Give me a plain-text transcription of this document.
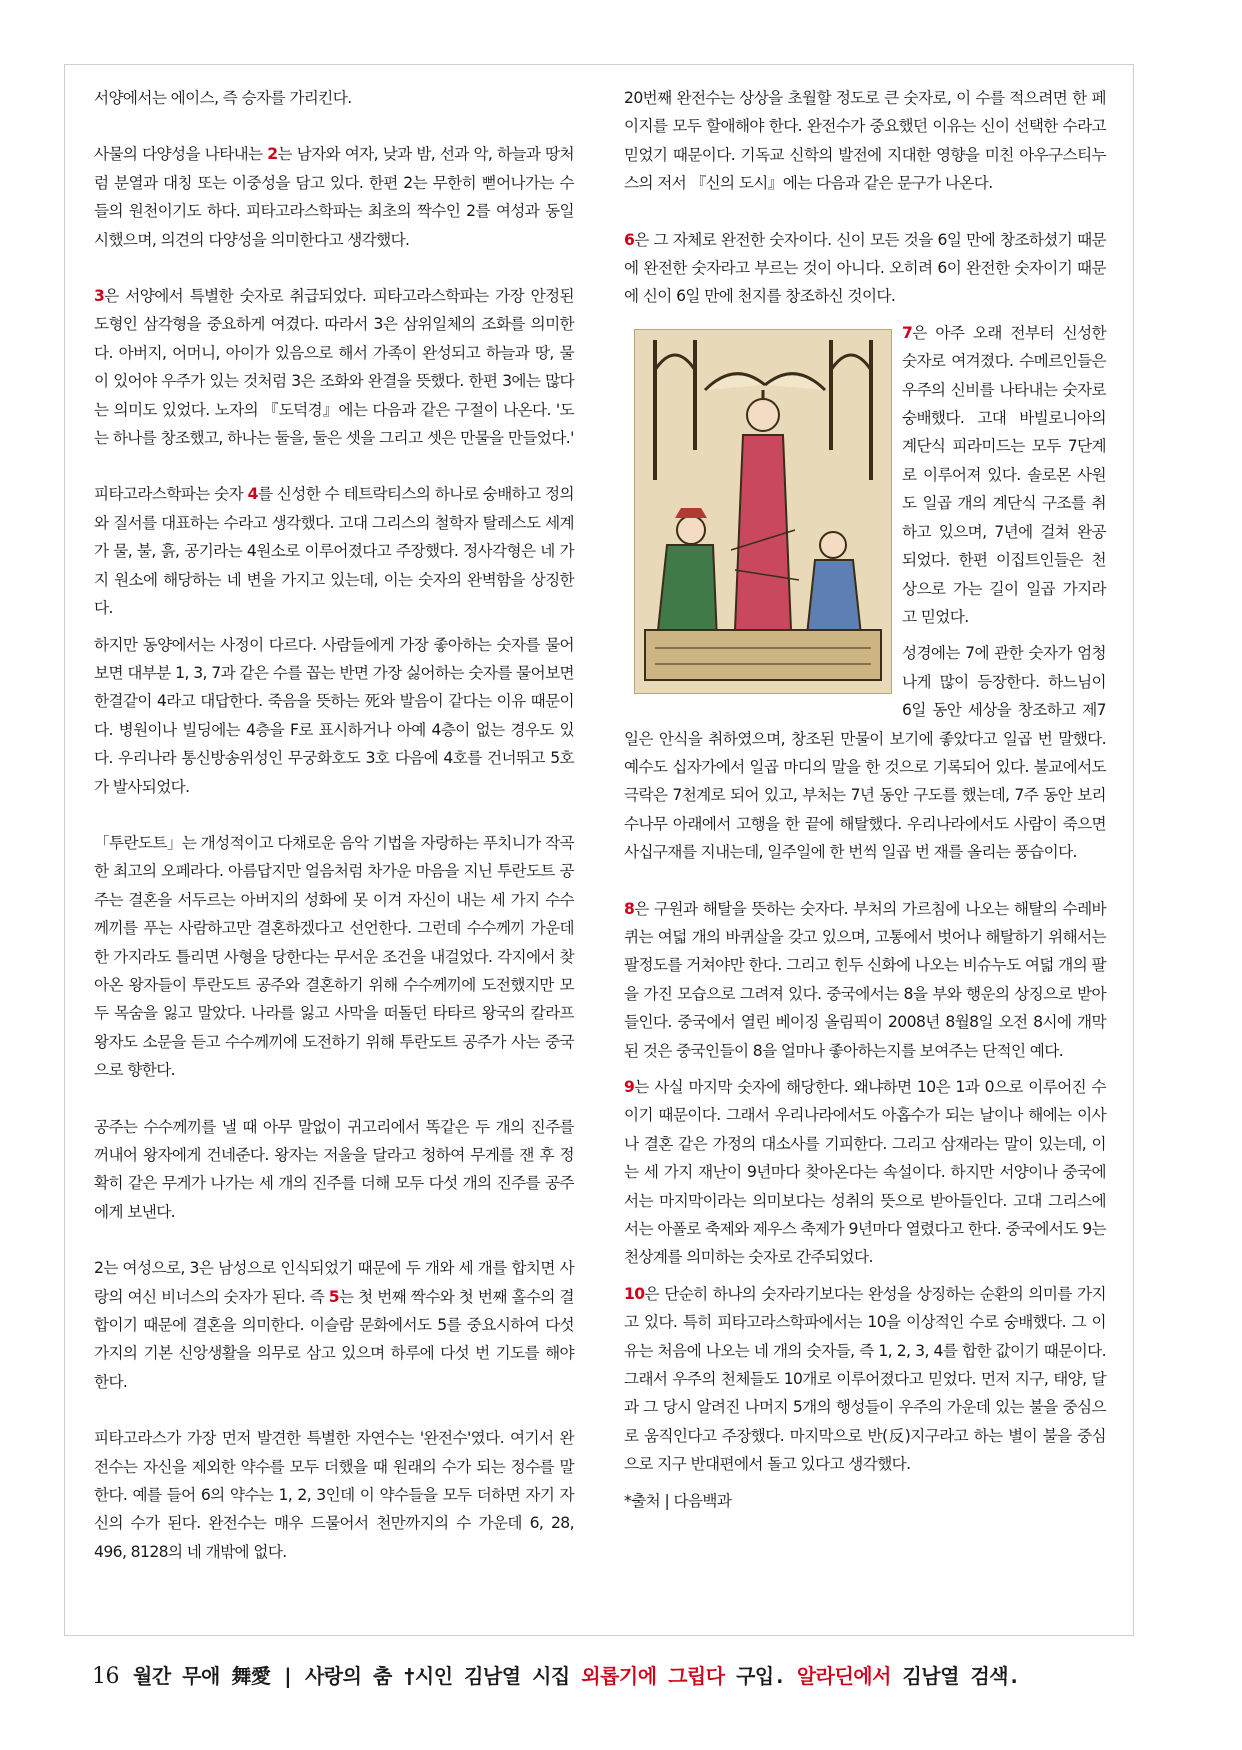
서양에서는 에이스, 즉 승자를 가리킨다.

사물의 다양성을 나타내는 2는 남자와 여자, 낮과 밤, 선과 악, 하늘과 땅처럼 분열과 대칭 또는 이중성을 담고 있다. 한편 2는 무한히 뻗어나가는 수들의 원천이기도 하다. 피타고라스학파는 최초의 짝수인 2를 여성과 동일시했으며, 의견의 다양성을 의미한다고 생각했다.

3은 서양에서 특별한 숫자로 취급되었다. 피타고라스학파는 가장 안정된 도형인 삼각형을 중요하게 여겼다. 따라서 3은 삼위일체의 조화를 의미한다. 아버지, 어머니, 아이가 있음으로 해서 가족이 완성되고 하늘과 땅, 물이 있어야 우주가 있는 것처럼 3은 조화와 완결을 뜻했다. 한편 3에는 많다는 의미도 있었다. 노자의 『도덕경』에는 다음과 같은 구절이 나온다. '도는 하나를 창조했고, 하나는 둘을, 둘은 셋을 그리고 셋은 만물을 만들었다.'

피타고라스학파는 숫자 4를 신성한 수 테트락티스의 하나로 숭배하고 정의와 질서를 대표하는 수라고 생각했다. 고대 그리스의 철학자 탈레스도 세계가 물, 불, 흙, 공기라는 4원소로 이루어졌다고 주장했다. 정사각형은 네 가지 원소에 해당하는 네 변을 가지고 있는데, 이는 숫자의 완벽함을 상징한다.

하지만 동양에서는 사정이 다르다. 사람들에게 가장 좋아하는 숫자를 물어보면 대부분 1, 3, 7과 같은 수를 꼽는 반면 가장 싫어하는 숫자를 물어보면 한결같이 4라고 대답한다. 죽음을 뜻하는 死와 발음이 같다는 이유 때문이다. 병원이나 빌딩에는 4층을 F로 표시하거나 아예 4층이 없는 경우도 있다. 우리나라 통신방송위성인 무궁화호도 3호 다음에 4호를 건너뛰고 5호가 발사되었다.

「투란도트」는 개성적이고 다채로운 음악 기법을 자랑하는 푸치니가 작곡한 최고의 오페라다. 아름답지만 얼음처럼 차가운 마음을 지닌 투란도트 공주는 결혼을 서두르는 아버지의 성화에 못 이겨 자신이 내는 세 가지 수수께끼를 푸는 사람하고만 결혼하겠다고 선언한다. 그런데 수수께끼 가운데 한 가지라도 틀리면 사형을 당한다는 무서운 조건을 내걸었다. 각지에서 찾아온 왕자들이 투란도트 공주와 결혼하기 위해 수수께끼에 도전했지만 모두 목숨을 잃고 말았다. 나라를 잃고 사막을 떠돌던 타타르 왕국의 칼라프 왕자도 소문을 듣고 수수께끼에 도전하기 위해 투란도트 공주가 사는 중국으로 향한다.

공주는 수수께끼를 낼 때 아무 말없이 귀고리에서 똑같은 두 개의 진주를 꺼내어 왕자에게 건네준다. 왕자는 저울을 달라고 청하여 무게를 잰 후 정확히 같은 무게가 나가는 세 개의 진주를 더해 모두 다섯 개의 진주를 공주에게 보낸다.

2는 여성으로, 3은 남성으로 인식되었기 때문에 두 개와 세 개를 합치면 사랑의 여신 비너스의 숫자가 된다. 즉 5는 첫 번째 짝수와 첫 번째 홀수의 결합이기 때문에 결혼을 의미한다. 이슬람 문화에서도 5를 중요시하여 다섯 가지의 기본 신앙생활을 의무로 삼고 있으며 하루에 다섯 번 기도를 해야 한다.

피타고라스가 가장 먼저 발견한 특별한 자연수는 '완전수'였다. 여기서 완전수는 자신을 제외한 약수를 모두 더했을 때 원래의 수가 되는 정수를 말한다. 예를 들어 6의 약수는 1, 2, 3인데 이 약수들을 모두 더하면 자기 자신의 수가 된다. 완전수는 매우 드물어서 천만까지의 수 가운데 6, 28, 496, 8128의 네 개밖에 없다.

20번째 완전수는 상상을 초월할 정도로 큰 숫자로, 이 수를 적으려면 한 페이지를 모두 할애해야 한다. 완전수가 중요했던 이유는 신이 선택한 수라고 믿었기 때문이다. 기독교 신학의 발전에 지대한 영향을 미친 아우구스티누스의 저서 『신의 도시』에는 다음과 같은 문구가 나온다.

6은 그 자체로 완전한 숫자이다. 신이 모든 것을 6일 만에 창조하셨기 때문에 완전한 숫자라고 부르는 것이 아니다. 오히려 6이 완전한 숫자이기 때문에 신이 6일 만에 천지를 창조하신 것이다.

7은 아주 오래 전부터 신성한 숫자로 여겨졌다. 수메르인들은 우주의 신비를 나타내는 숫자로 숭배했다. 고대 바빌로니아의 계단식 피라미드는 모두 7단계로 이루어져 있다. 솔로몬 사원도 일곱 개의 계단식 구조를 취하고 있으며, 7년에 걸쳐 완공되었다. 한편 이집트인들은 천상으로 가는 길이 일곱 가지라고 믿었다.

성경에는 7에 관한 숫자가 엄청나게 많이 등장한다. 하느님이 6일 동안 세상을 창조하고 제7일은 안식을 취하였으며, 창조된 만물이 보기에 좋았다고 일곱 번 말했다. 예수도 십자가에서 일곱 마디의 말을 한 것으로 기록되어 있다. 불교에서도 극락은 7천계로 되어 있고, 부처는 7년 동안 구도를 했는데, 7주 동안 보리수나무 아래에서 고행을 한 끝에 해탈했다. 우리나라에서도 사람이 죽으면 사십구재를 지내는데, 일주일에 한 번씩 일곱 번 재를 올리는 풍습이다.

8은 구원과 해탈을 뜻하는 숫자다. 부처의 가르침에 나오는 해탈의 수레바퀴는 여덟 개의 바퀴살을 갖고 있으며, 고통에서 벗어나 해탈하기 위해서는 팔정도를 거쳐야만 한다. 그리고 힌두 신화에 나오는 비슈누도 여덟 개의 팔을 가진 모습으로 그려져 있다. 중국에서는 8을 부와 행운의 상징으로 받아들인다. 중국에서 열린 베이징 올림픽이 2008년 8월8일 오전 8시에 개막된 것은 중국인들이 8을 얼마나 좋아하는지를 보여주는 단적인 예다.

9는 사실 마지막 숫자에 해당한다. 왜냐하면 10은 1과 0으로 이루어진 수이기 때문이다. 그래서 우리나라에서도 아홉수가 되는 날이나 해에는 이사나 결혼 같은 가정의 대소사를 기피한다. 그리고 삼재라는 말이 있는데, 이는 세 가지 재난이 9년마다 찾아온다는 속설이다. 하지만 서양이나 중국에서는 마지막이라는 의미보다는 성취의 뜻으로 받아들인다. 고대 그리스에서는 아폴로 축제와 제우스 축제가 9년마다 열렸다고 한다. 중국에서도 9는 천상계를 의미하는 숫자로 간주되었다.

10은 단순히 하나의 숫자라기보다는 완성을 상징하는 순환의 의미를 가지고 있다. 특히 피타고라스학파에서는 10을 이상적인 수로 숭배했다. 그 이유는 처음에 나오는 네 개의 숫자들, 즉 1, 2, 3, 4를 합한 값이기 때문이다. 그래서 우주의 천체들도 10개로 이루어졌다고 믿었다. 먼저 지구, 태양, 달과 그 당시 알려진 나머지 5개의 행성들이 우주의 가운데 있는 불을 중심으로 움직인다고 주장했다. 마지막으로 반(反)지구라고 하는 별이 불을 중심으로 지구 반대편에서 돌고 있다고 생각했다.

*출처 | 다음백과

16 월간 무애 舞愛 | 사랑의 춤 †시인 김남열 시집 외롭기에 그립다 구입. 알라딘에서 김남열 검색.
